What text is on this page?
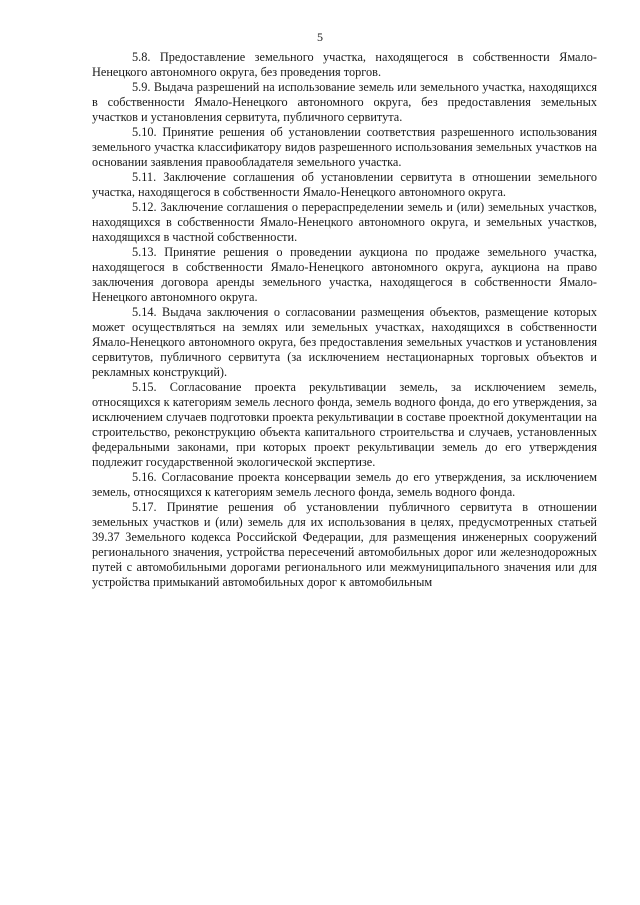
5

5.8. Предоставление земельного участка, находящегося в собственности Ямало-Ненецкого автономного округа, без проведения торгов.

5.9. Выдача разрешений на использование земель или земельного участка, находящихся в собственности Ямало-Ненецкого автономного округа, без предоставления земельных участков и установления сервитута, публичного сервитута.

5.10. Принятие решения об установлении соответствия разрешенного использования земельного участка классификатору видов разрешенного использования земельных участков на основании заявления правообладателя земельного участка.

5.11. Заключение соглашения об установлении сервитута в отношении земельного участка, находящегося в собственности Ямало-Ненецкого автономного округа.

5.12. Заключение соглашения о перераспределении земель и (или) земельных участков, находящихся в собственности Ямало-Ненецкого автономного округа, и земельных участков, находящихся в частной собственности.

5.13. Принятие решения о проведении аукциона по продаже земельного участка, находящегося в собственности Ямало-Ненецкого автономного округа, аукциона на право заключения договора аренды земельного участка, находящегося в собственности Ямало-Ненецкого автономного округа.

5.14. Выдача заключения о согласовании размещения объектов, размещение которых может осуществляться на землях или земельных участках, находящихся в собственности Ямало-Ненецкого автономного округа, без предоставления земельных участков и установления сервитутов, публичного сервитута (за исключением нестационарных торговых объектов и рекламных конструкций).

5.15. Согласование проекта рекультивации земель, за исключением земель, относящихся к категориям земель лесного фонда, земель водного фонда, до его утверждения, за исключением случаев подготовки проекта рекультивации в составе проектной документации на строительство, реконструкцию объекта капитального строительства и случаев, установленных федеральными законами, при которых проект рекультивации земель до его утверждения подлежит государственной экологической экспертизе.

5.16. Согласование проекта консервации земель до его утверждения, за исключением земель, относящихся к категориям земель лесного фонда, земель водного фонда.

5.17. Принятие решения об установлении публичного сервитута в отношении земельных участков и (или) земель для их использования в целях, предусмотренных статьей 39.37 Земельного кодекса Российской Федерации, для размещения инженерных сооружений регионального значения, устройства пересечений автомобильных дорог или железнодорожных путей с автомобильными дорогами регионального или межмуниципального значения или для устройства примыканий автомобильных дорог к автомобильным
